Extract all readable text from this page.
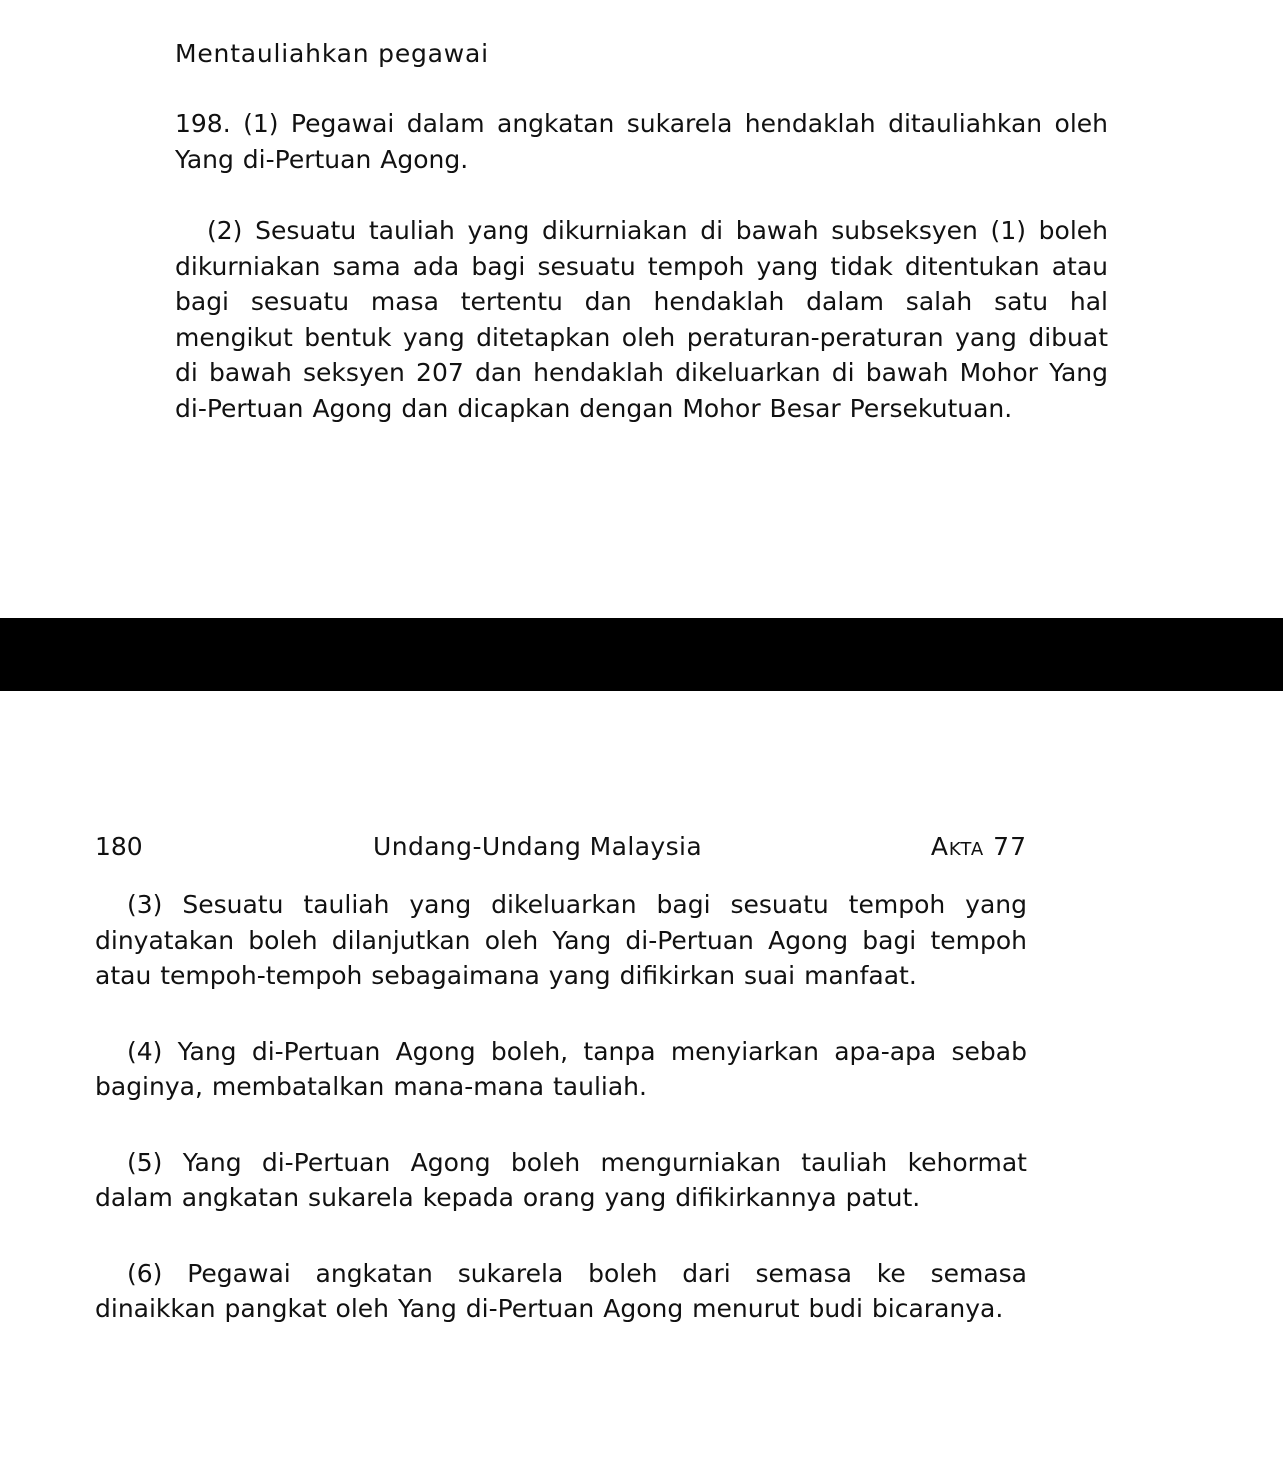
Mentauliahkan pegawai

198. (1) Pegawai dalam angkatan sukarela hendaklah ditauliahkan oleh Yang di-Pertuan Agong.

(2) Sesuatu tauliah yang dikurniakan di bawah subseksyen (1) boleh dikurniakan sama ada bagi sesuatu tempoh yang tidak ditentukan atau bagi sesuatu masa tertentu dan hendaklah dalam salah satu hal mengikut bentuk yang ditetapkan oleh peraturan-peraturan yang dibuat di bawah seksyen 207 dan hendaklah dikeluarkan di bawah Mohor Yang di-Pertuan Agong dan dicapkan dengan Mohor Besar Persekutuan.

180	Undang-Undang Malaysia	Akta 77

(3) Sesuatu tauliah yang dikeluarkan bagi sesuatu tempoh yang dinyatakan boleh dilanjutkan oleh Yang di-Pertuan Agong bagi tempoh atau tempoh-tempoh sebagaimana yang difikirkan suai manfaat.

(4) Yang di-Pertuan Agong boleh, tanpa menyiarkan apa-apa sebab baginya, membatalkan mana-mana tauliah.

(5) Yang di-Pertuan Agong boleh mengurniakan tauliah kehormat dalam angkatan sukarela kepada orang yang difikirkannya patut.

(6) Pegawai angkatan sukarela boleh dari semasa ke semasa dinaikkan pangkat oleh Yang di-Pertuan Agong menurut budi bicaranya.
